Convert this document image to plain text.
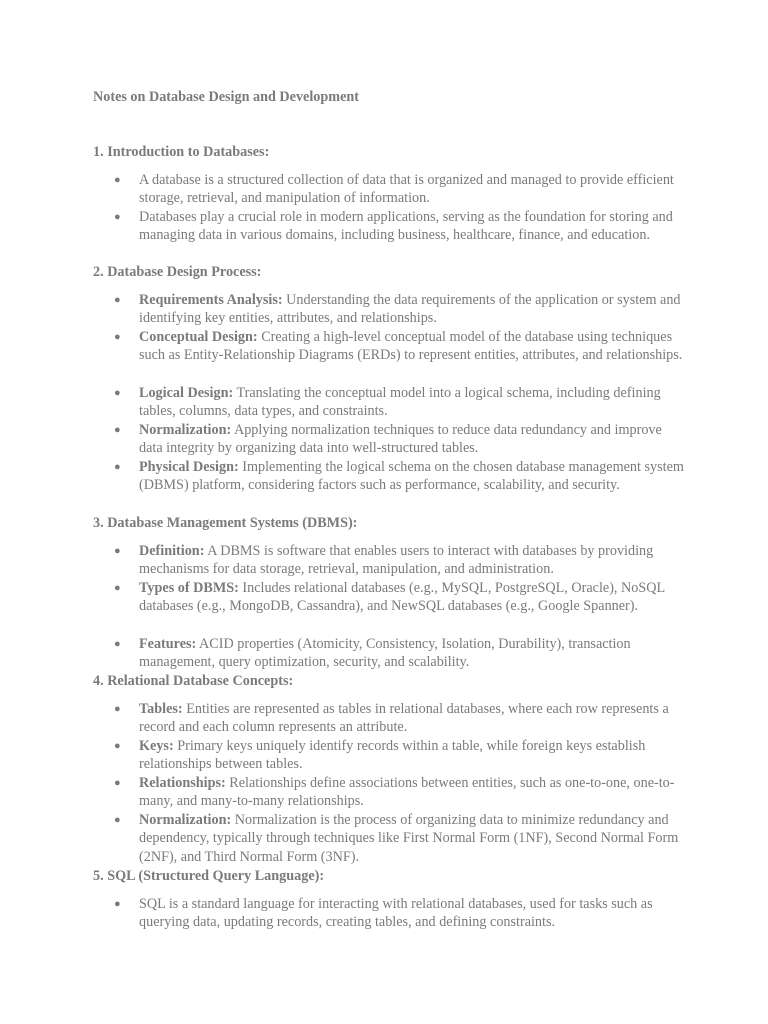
Notes on Database Design and Development
1. Introduction to Databases:
● A database is a structured collection of data that is organized and managed to provide efficient storage, retrieval, and manipulation of information.
● Databases play a crucial role in modern applications, serving as the foundation for storing and managing data in various domains, including business, healthcare, finance, and education.
2. Database Design Process:
● Requirements Analysis: Understanding the data requirements of the application or system and identifying key entities, attributes, and relationships.
● Conceptual Design: Creating a high-level conceptual model of the database using techniques such as Entity-Relationship Diagrams (ERDs) to represent entities, attributes, and relationships.
● Logical Design: Translating the conceptual model into a logical schema, including defining tables, columns, data types, and constraints.
● Normalization: Applying normalization techniques to reduce data redundancy and improve data integrity by organizing data into well-structured tables.
● Physical Design: Implementing the logical schema on the chosen database management system (DBMS) platform, considering factors such as performance, scalability, and security.
3. Database Management Systems (DBMS):
● Definition: A DBMS is software that enables users to interact with databases by providing mechanisms for data storage, retrieval, manipulation, and administration.
● Types of DBMS: Includes relational databases (e.g., MySQL, PostgreSQL, Oracle), NoSQL databases (e.g., MongoDB, Cassandra), and NewSQL databases (e.g., Google Spanner).
● Features: ACID properties (Atomicity, Consistency, Isolation, Durability), transaction management, query optimization, security, and scalability.
4. Relational Database Concepts:
● Tables: Entities are represented as tables in relational databases, where each row represents a record and each column represents an attribute.
● Keys: Primary keys uniquely identify records within a table, while foreign keys establish relationships between tables.
● Relationships: Relationships define associations between entities, such as one-to-one, one-to-many, and many-to-many relationships.
● Normalization: Normalization is the process of organizing data to minimize redundancy and dependency, typically through techniques like First Normal Form (1NF), Second Normal Form (2NF), and Third Normal Form (3NF).
5. SQL (Structured Query Language):
● SQL is a standard language for interacting with relational databases, used for tasks such as querying data, updating records, creating tables, and defining constraints.
